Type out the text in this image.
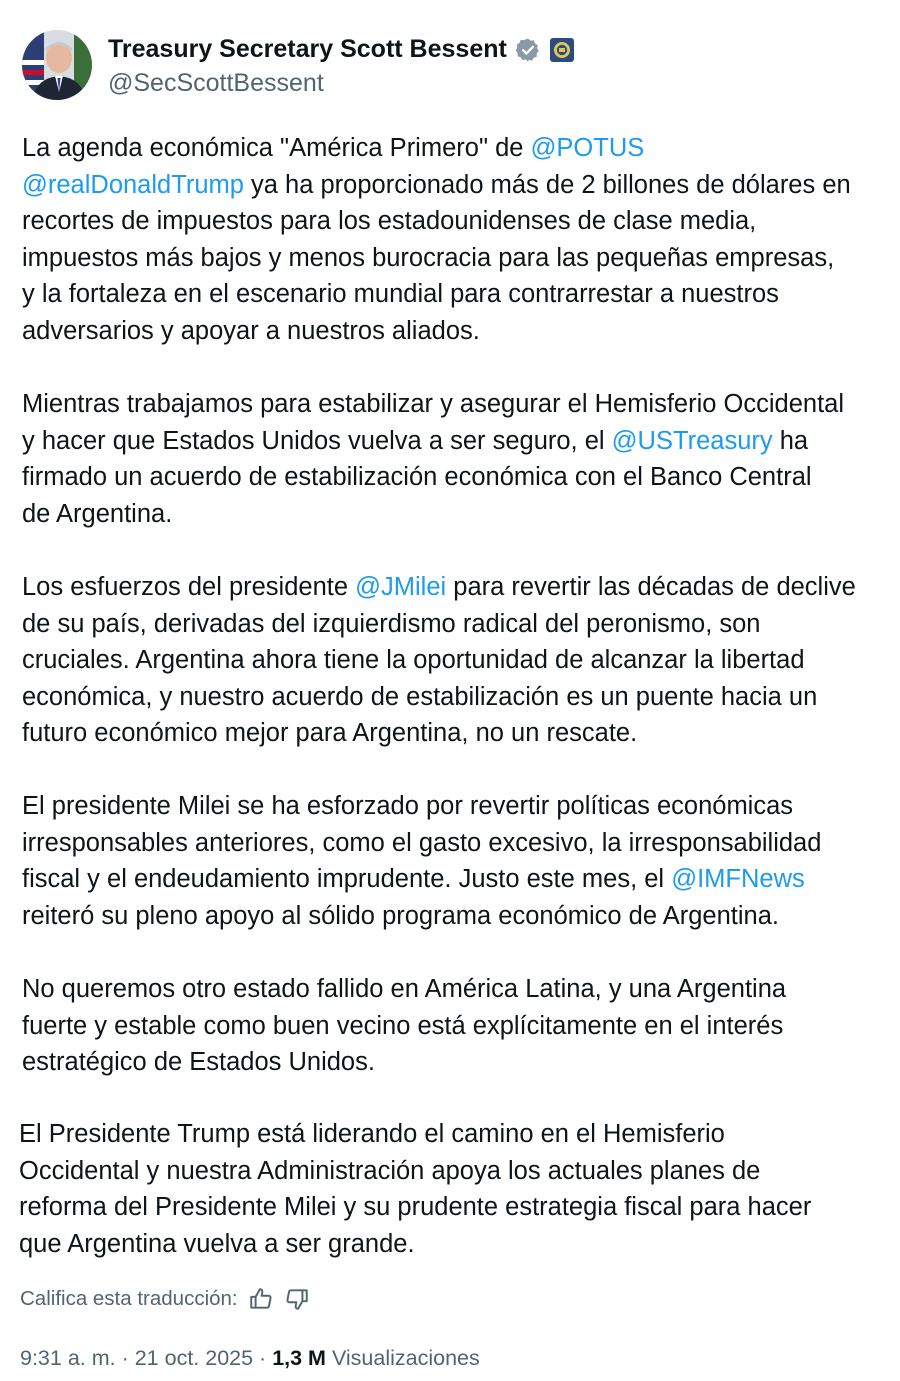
Treasury Secretary Scott Bessent
@SecScottBessent
La agenda económica "América Primero" de @POTUS
@realDonaldTrump ya ha proporcionado más de 2 billones de dólares en
recortes de impuestos para los estadounidenses de clase media,
impuestos más bajos y menos burocracia para las pequeñas empresas,
y la fortaleza en el escenario mundial para contrarrestar a nuestros
adversarios y apoyar a nuestros aliados.
Mientras trabajamos para estabilizar y asegurar el Hemisferio Occidental
y hacer que Estados Unidos vuelva a ser seguro, el @USTreasury ha
firmado un acuerdo de estabilización económica con el Banco Central
de Argentina.
Los esfuerzos del presidente @JMilei para revertir las décadas de declive
de su país, derivadas del izquierdismo radical del peronismo, son
cruciales. Argentina ahora tiene la oportunidad de alcanzar la libertad
económica, y nuestro acuerdo de estabilización es un puente hacia un
futuro económico mejor para Argentina, no un rescate.
El presidente Milei se ha esforzado por revertir políticas económicas
irresponsables anteriores, como el gasto excesivo, la irresponsabilidad
fiscal y el endeudamiento imprudente. Justo este mes, el @IMFNews
reiteró su pleno apoyo al sólido programa económico de Argentina.
No queremos otro estado fallido en América Latina, y una Argentina
fuerte y estable como buen vecino está explícitamente en el interés
estratégico de Estados Unidos.
El Presidente Trump está liderando el camino en el Hemisferio
Occidental y nuestra Administración apoya los actuales planes de
reforma del Presidente Milei y su prudente estrategia fiscal para hacer
que Argentina vuelva a ser grande.
Califica esta traducción:
9:31 a. m. · 21 oct. 2025 · 1,3 M Visualizaciones
